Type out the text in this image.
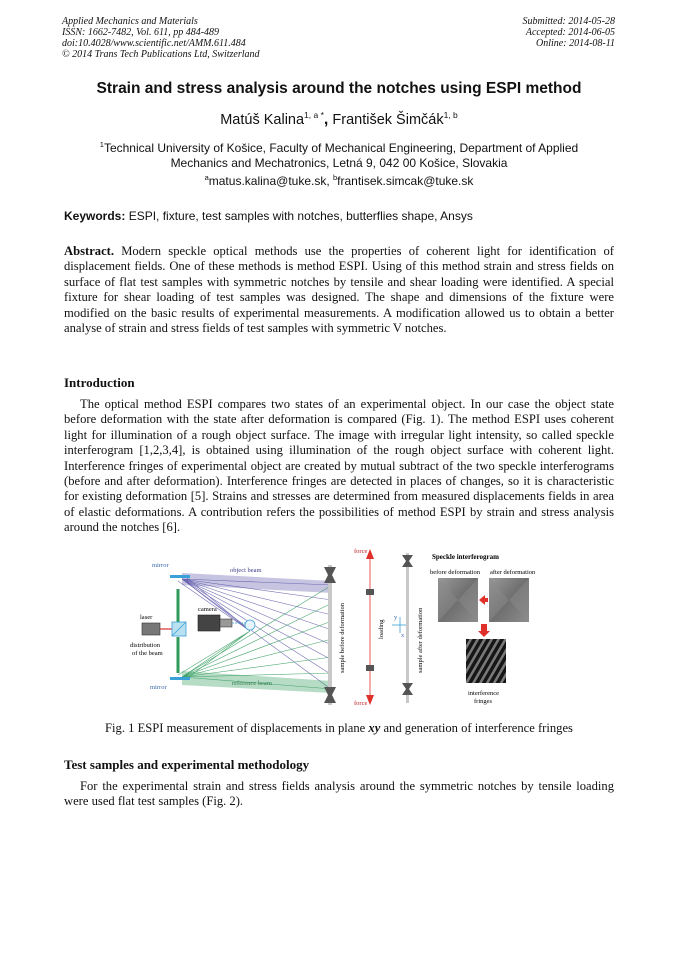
Applied Mechanics and Materials
ISSN: 1662-7482, Vol. 611, pp 484-489
doi:10.4028/www.scientific.net/AMM.611.484
© 2014 Trans Tech Publications Ltd, Switzerland
Submitted: 2014-05-28
Accepted: 2014-06-05
Online: 2014-08-11
Strain and stress analysis around the notches using ESPI method
Matúš Kalina$^{1, a *}$, František Šimčák$^{1, b}$
$^1$Technical University of Košice, Faculty of Mechanical Engineering, Department of Applied
Mechanics and Mechatronics, Letná 9, 042 00 Košice, Slovakia
$^a$matus.kalina@tuke.sk, $^b$frantisek.simcak@tuke.sk
Keywords: ESPI, fixture, test samples with notches, butterflies shape, Ansys
Abstract. Modern speckle optical methods use the properties of coherent light for identification of displacement fields. One of these methods is method ESPI. Using of this method strain and stress fields on surface of flat test samples with symmetric notches by tensile and shear loading were identified. A special fixture for shear loading of test samples was designed. The shape and dimensions of the fixture were modified on the basic results of experimental measurements. A modification allowed us to obtain a better analyse of strain and stress fields of test samples with symmetric V notches.
Introduction
The optical method ESPI compares two states of an experimental object. In our case the object state before deformation with the state after deformation is compared (Fig. 1). The method ESPI uses coherent light for illumination of a rough object surface. The image with irregular light intensity, so called speckle interferogram [1,2,3,4], is obtained using illumination of the rough object surface with coherent light. Interference fringes of experimental object are created by mutual subtract of the two speckle interferograms (before and after deformation). Interference fringes are detected in places of changes, so it is characteristic for existing deformation [5]. Strains and stresses are determined from measured displacements fields in area of elastic deformations. A contribution refers the possibilities of method ESPI by strain and stress analysis around the notches [6].
mirror
mirror
object beam
reference beam
laser
distribution
of the beam
camera	sample before deformation
force
force
loading	sample after deformation
y
x
Speckle interferogram
before deformation after deformation
interference
fringes
Fig. 1 ESPI measurement of displacements in plane xy and generation of interference fringes
Test samples and experimental methodology
For the experimental strain and stress fields analysis around the symmetric notches by tensile loading were used flat test samples (Fig. 2).
